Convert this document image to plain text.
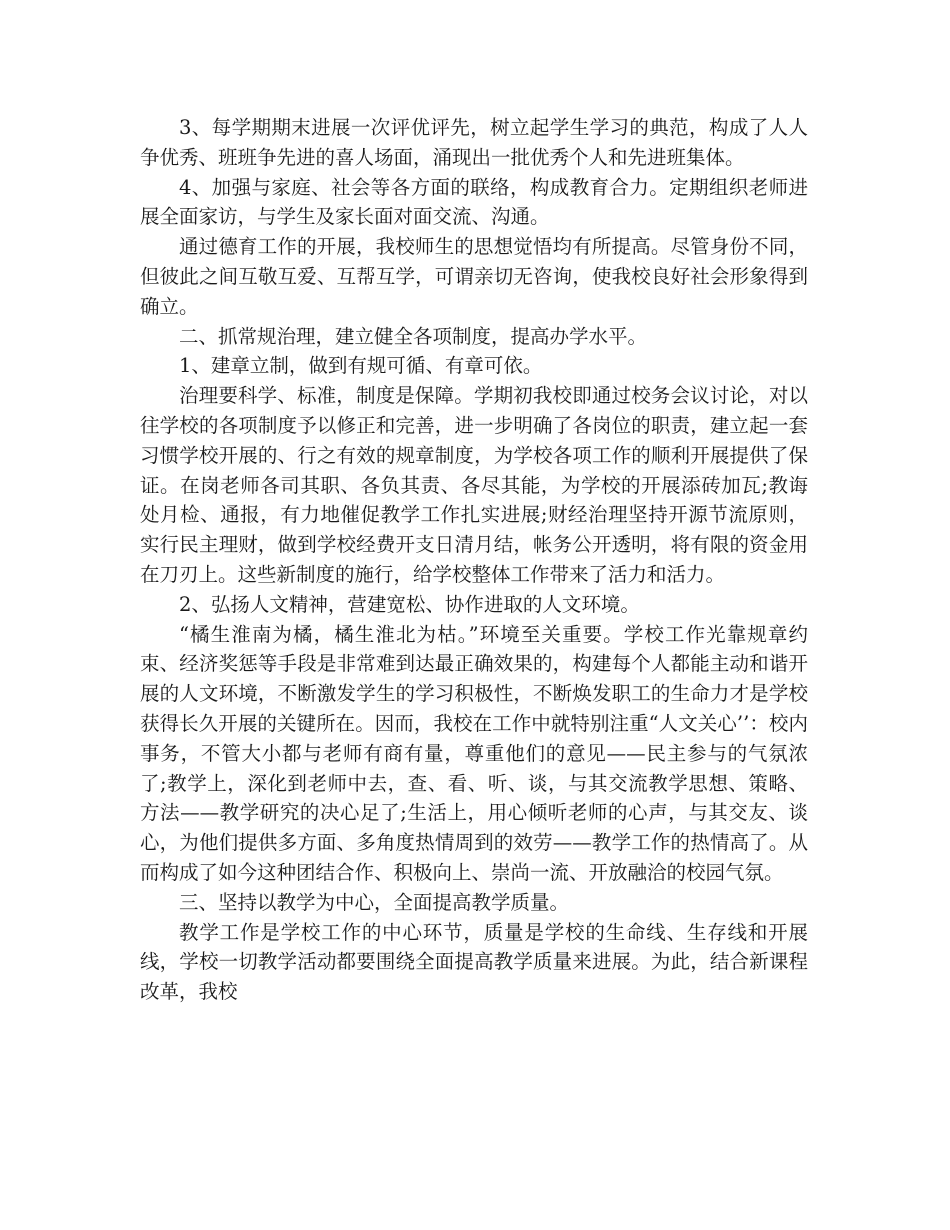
3、每学期期末进展一次评优评先，树立起学生学习的典范，构成了人人争优秀、班班争先进的喜人场面，涌现出一批优秀个人和先进班集体。

4、加强与家庭、社会等各方面的联络，构成教育合力。定期组织老师进展全面家访，与学生及家长面对面交流、沟通。

通过德育工作的开展，我校师生的思想觉悟均有所提高。尽管身份不同，但彼此之间互敬互爱、互帮互学，可谓亲切无咨询，使我校良好社会形象得到确立。

二、抓常规治理，建立健全各项制度，提高办学水平。

1、建章立制，做到有规可循、有章可依。

治理要科学、标准，制度是保障。学期初我校即通过校务会议讨论，对以往学校的各项制度予以修正和完善，进一步明确了各岗位的职责，建立起一套习惯学校开展的、行之有效的规章制度，为学校各项工作的顺利开展提供了保证。在岗老师各司其职、各负其责、各尽其能，为学校的开展添砖加瓦;教诲处月检、通报，有力地催促教学工作扎实进展;财经治理坚持开源节流原则，实行民主理财，做到学校经费开支日清月结，帐务公开透明，将有限的资金用在刀刃上。这些新制度的施行，给学校整体工作带来了活力和活力。

2、弘扬人文精神，营建宽松、协作进取的人文环境。

“橘生淮南为橘，橘生淮北为枯。”环境至关重要。学校工作光靠规章约束、经济奖惩等手段是非常难到达最正确效果的，构建每个人都能主动和谐开展的人文环境，不断激发学生的学习积极性，不断焕发职工的生命力才是学校获得长久开展的关键所在。因而，我校在工作中就特别注重“人文关心’’：校内事务，不管大小都与老师有商有量，尊重他们的意见——民主参与的气氛浓了;教学上，深化到老师中去，查、看、听、谈，与其交流教学思想、策略、方法——教学研究的决心足了;生活上，用心倾听老师的心声，与其交友、谈心，为他们提供多方面、多角度热情周到的效劳——教学工作的热情高了。从而构成了如今这种团结合作、积极向上、崇尚一流、开放融洽的校园气氛。

三、坚持以教学为中心，全面提高教学质量。

教学工作是学校工作的中心环节，质量是学校的生命线、生存线和开展线，学校一切教学活动都要围绕全面提高教学质量来进展。为此，结合新课程改革，我校
